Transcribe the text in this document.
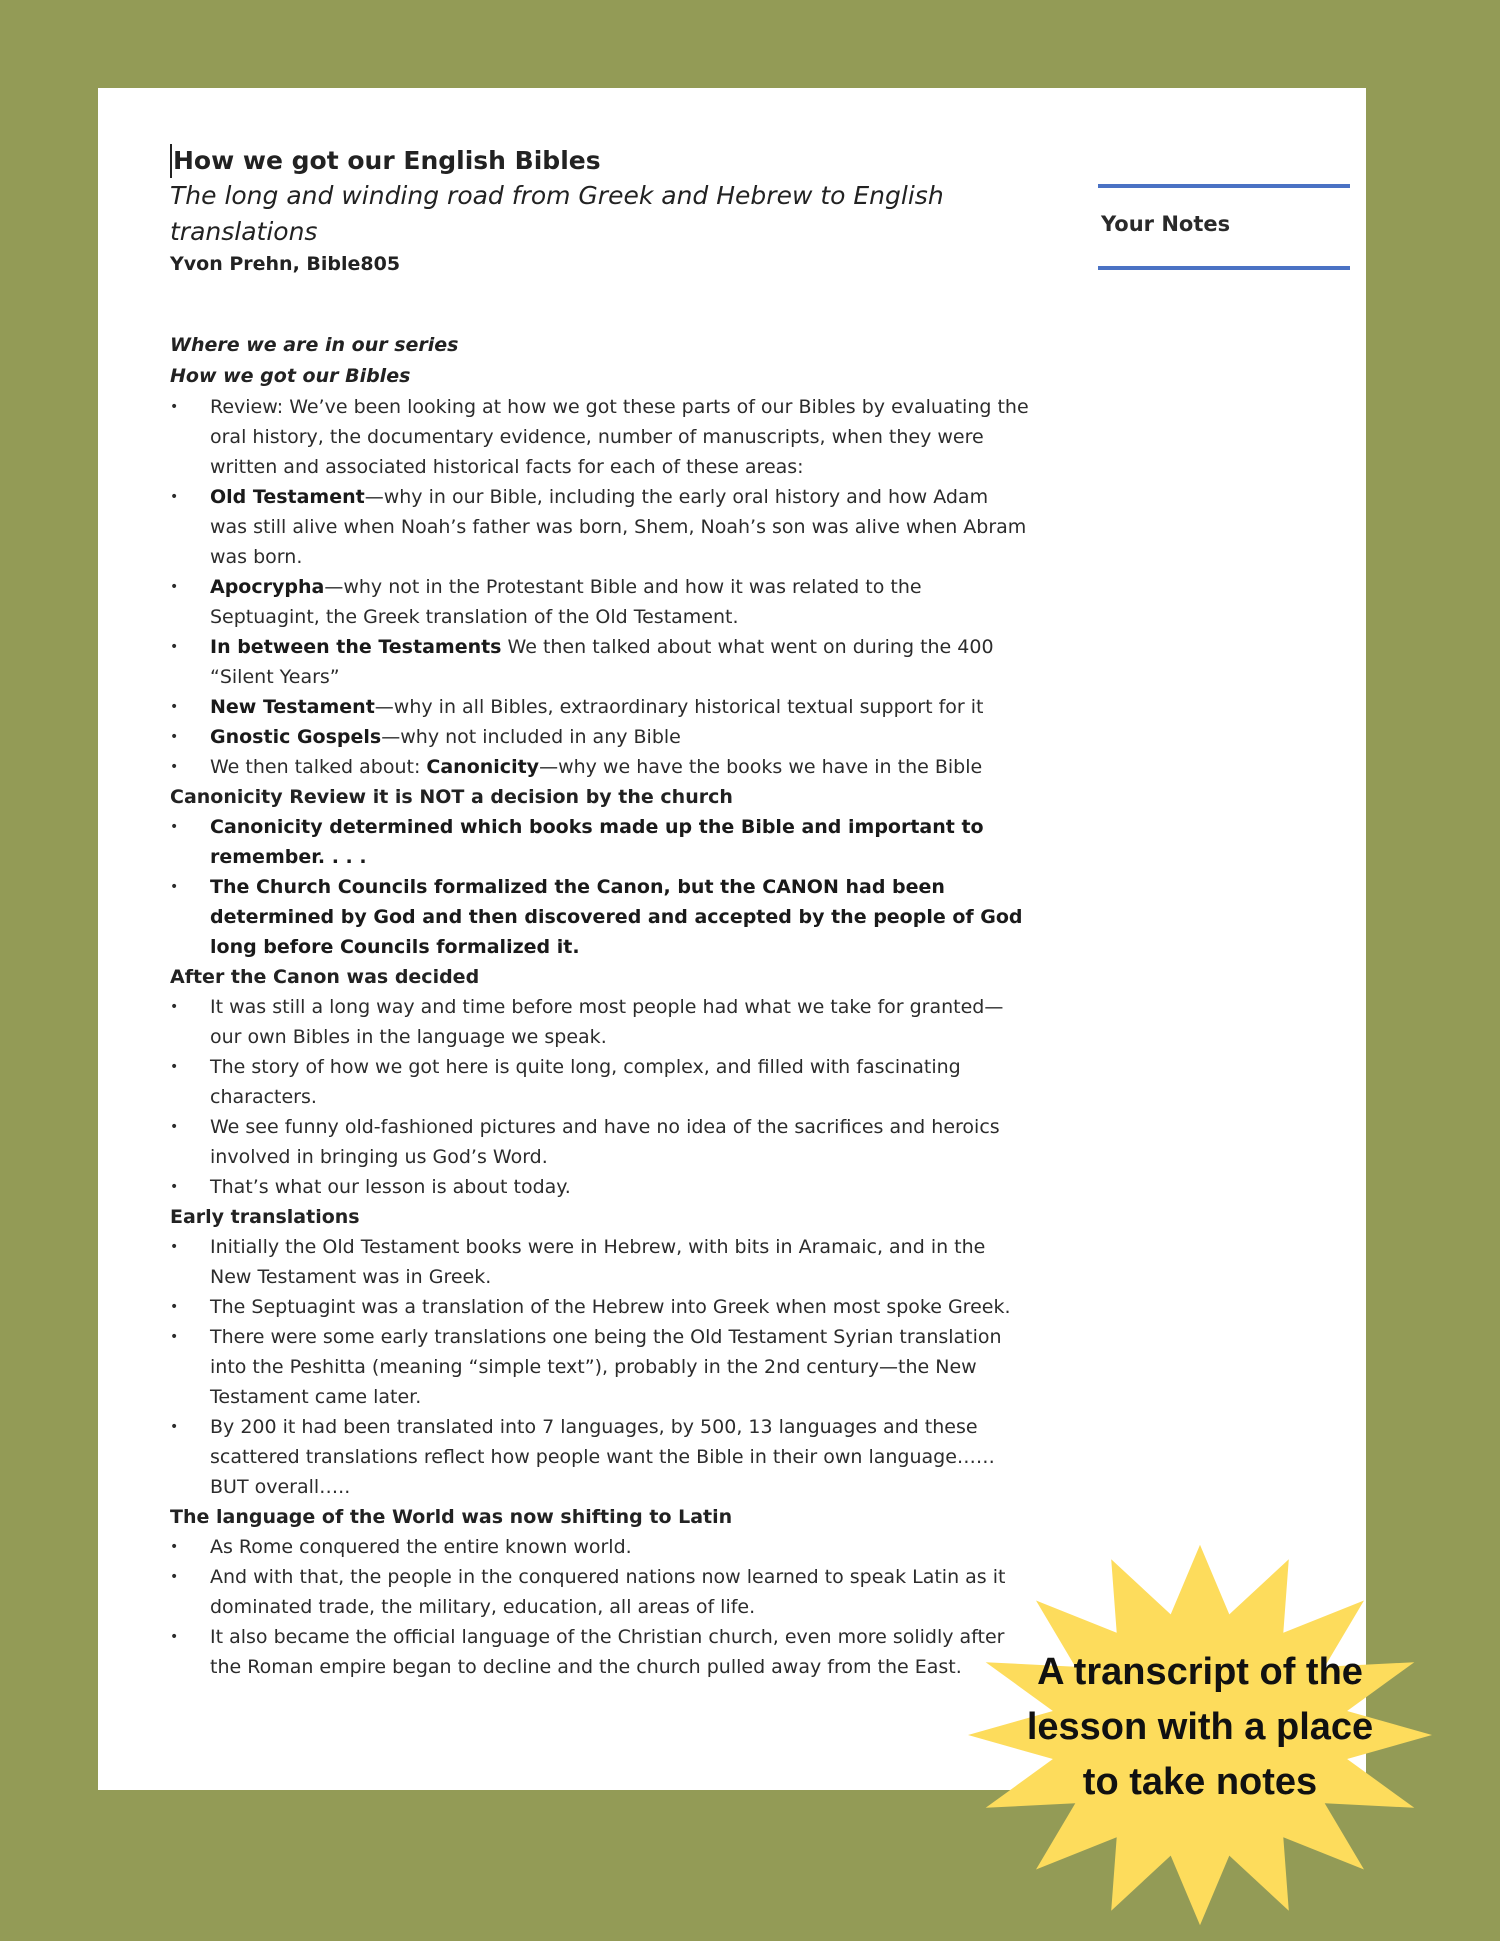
How we got our English Bibles

The long and winding road from Greek and Hebrew to English translations

Yvon Prehn, Bible805

Where we are in our series

How we got our Bibles

• Review: We’ve been looking at how we got these parts of our Bibles by evaluating the oral history, the documentary evidence, number of manuscripts, when they were written and associated historical facts for each of these areas:
• Old Testament—why in our Bible, including the early oral history and how Adam was still alive when Noah’s father was born, Shem, Noah’s son was alive when Abram was born.
• Apocrypha—why not in the Protestant Bible and how it was related to the Septuagint, the Greek translation of the Old Testament.
• In between the Testaments We then talked about what went on during the 400 “Silent Years”
• New Testament—why in all Bibles, extraordinary historical textual support for it
• Gnostic Gospels—why not included in any Bible
• We then talked about: Canonicity—why we have the books we have in the Bible

Canonicity Review it is NOT a decision by the church

• Canonicity determined which books made up the Bible and important to remember. . . .
• The Church Councils formalized the Canon, but the CANON had been determined by God and then discovered and accepted by the people of God long before Councils formalized it.

After the Canon was decided

• It was still a long way and time before most people had what we take for granted—our own Bibles in the language we speak.
• The story of how we got here is quite long, complex, and filled with fascinating characters.
• We see funny old-fashioned pictures and have no idea of the sacrifices and heroics involved in bringing us God’s Word.
• That’s what our lesson is about today.

Early translations

• Initially the Old Testament books were in Hebrew, with bits in Aramaic, and in the New Testament was in Greek.
• The Septuagint was a translation of the Hebrew into Greek when most spoke Greek.
• There were some early translations one being the Old Testament Syrian translation into the Peshitta (meaning “simple text”), probably in the 2nd century—the New Testament came later.
• By 200 it had been translated into 7 languages, by 500, 13 languages and these scattered translations reflect how people want the Bible in their own language……BUT overall…..

The language of the World was now shifting to Latin

• As Rome conquered the entire known world.
• And with that, the people in the conquered nations now learned to speak Latin as it dominated trade, the military, education, all areas of life.
• It also became the official language of the Christian church, even more solidly after the Roman empire began to decline and the church pulled away from the East.
Your Notes
A transcript of the
lesson with a place
to take notes
